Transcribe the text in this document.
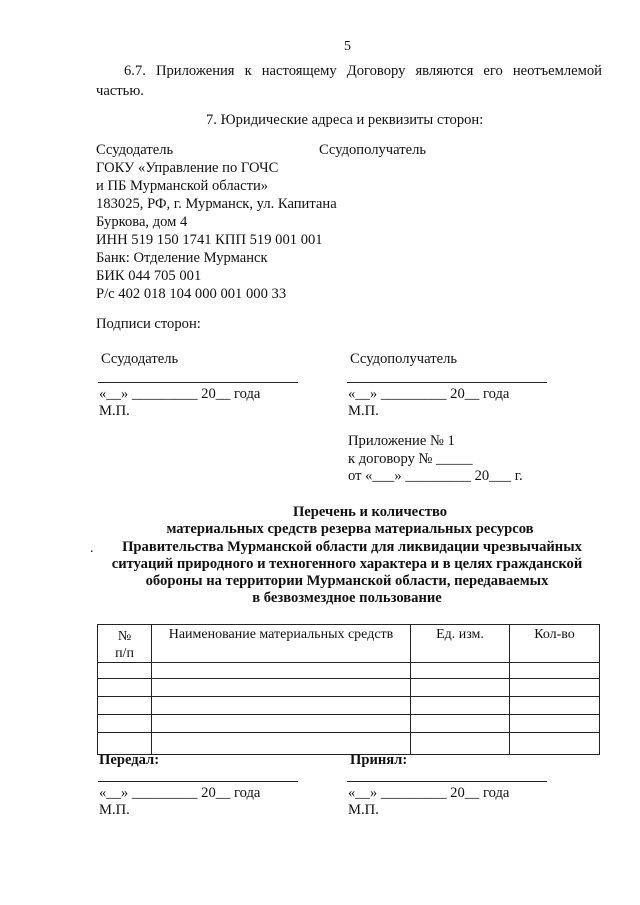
5
6.7. Приложения к настоящему Договору являются его неотъемлемой
частью.
7. Юридические адреса и реквизиты сторон:
Ссудодатель	Ссудополучатель
ГОКУ «Управление по ГОЧС
и ПБ Мурманской области»
183025, РФ, г. Мурманск, ул. Капитана
Буркова, дом 4
ИНН 519 150 1741 КПП 519 001 001
Банк: Отделение Мурманск
БИК 044 705 001
Р/с 402 018 104 000 001 000 33
Подписи сторон:
Ссудодатель	Ссудополучатель
«__» _________ 20__ года	«__» _________ 20__ года
М.П.	М.П.
Приложение № 1
к договору № _____
от «___» _________ 20___ г.
Перечень и количество
материальных средств резерва материальных ресурсов
Правительства Мурманской области для ликвидации чрезвычайных
ситуаций природного и техногенного характера и в целях гражданской
обороны на территории Мурманской области, передаваемых
в безвозмездное пользование
.
№
п/п	Наименование материальных средств	Ед. изм.	Кол-во

Передал:	Принял:
«__» _________ 20__ года	«__» _________ 20__ года
М.П.	М.П.
